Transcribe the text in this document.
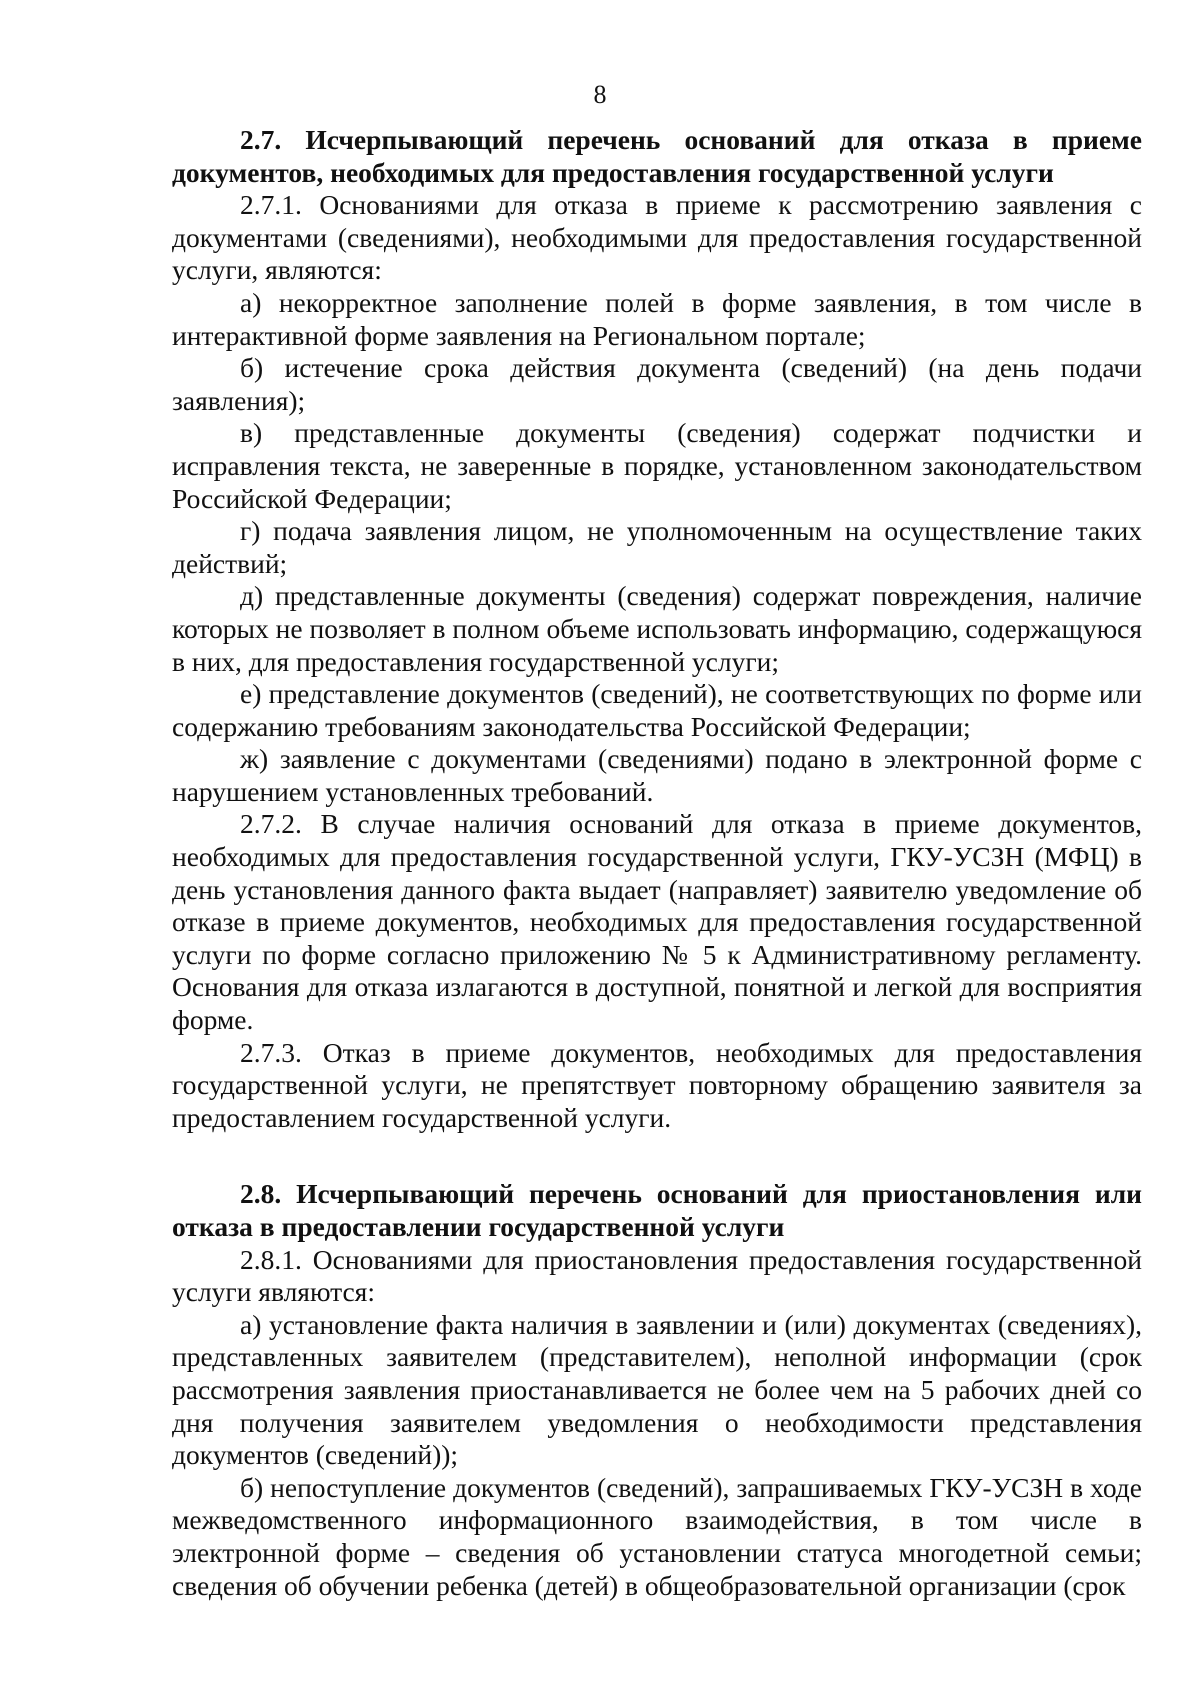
8

2.7. Исчерпывающий перечень оснований для отказа в приеме документов, необходимых для предоставления государственной услуги

2.7.1. Основаниями для отказа в приеме к рассмотрению заявления с документами (сведениями), необходимыми для предоставления государственной услуги, являются:

а) некорректное заполнение полей в форме заявления, в том числе в интерактивной форме заявления на Региональном портале;

б) истечение срока действия документа (сведений) (на день подачи заявления);

в) представленные документы (сведения) содержат подчистки и исправления текста, не заверенные в порядке, установленном законодательством Российской Федерации;

г) подача заявления лицом, не уполномоченным на осуществление таких действий;

д) представленные документы (сведения) содержат повреждения, наличие которых не позволяет в полном объеме использовать информацию, содержащуюся в них, для предоставления государственной услуги;

е) представление документов (сведений), не соответствующих по форме или содержанию требованиям законодательства Российской Федерации;

ж) заявление с документами (сведениями) подано в электронной форме с нарушением установленных требований.

2.7.2. В случае наличия оснований для отказа в приеме документов, необходимых для предоставления государственной услуги, ГКУ-УСЗН (МФЦ) в день установления данного факта выдает (направляет) заявителю уведомление об отказе в приеме документов, необходимых для предоставления государственной услуги по форме согласно приложению № 5 к Административному регламенту. Основания для отказа излагаются в доступной, понятной и легкой для восприятия форме.

2.7.3. Отказ в приеме документов, необходимых для предоставления государственной услуги, не препятствует повторному обращению заявителя за предоставлением государственной услуги.

2.8. Исчерпывающий перечень оснований для приостановления или отказа в предоставлении государственной услуги

2.8.1. Основаниями для приостановления предоставления государственной услуги являются:

а) установление факта наличия в заявлении и (или) документах (сведениях), представленных заявителем (представителем), неполной информации (срок рассмотрения заявления приостанавливается не более чем на 5 рабочих дней со дня получения заявителем уведомления о необходимости представления документов (сведений));

б) непоступление документов (сведений), запрашиваемых ГКУ-УСЗН в ходе межведомственного информационного взаимодействия, в том числе в электронной форме – сведения об установлении статуса многодетной семьи; сведения об обучении ребенка (детей) в общеобразовательной организации (срок
